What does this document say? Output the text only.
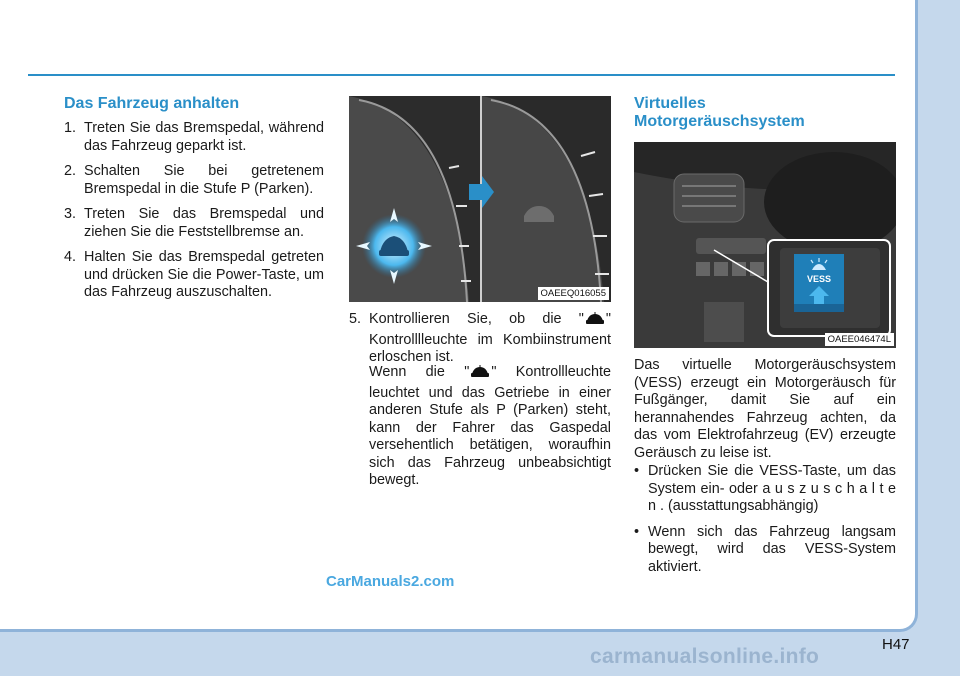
Das Fahrzeug anhalten
1. Treten Sie das Bremspedal, während das Fahrzeug geparkt ist.
2. Schalten Sie bei getretenem Bremspedal in die Stufe P (Parken).
3. Treten Sie das Bremspedal und ziehen Sie die Feststellbremse an.
4. Halten Sie das Bremspedal getreten und drücken Sie die Power-Taste, um das Fahrzeug auszuschalten.	OAEEQ016055
5. Kontrollieren Sie, ob die " " Kontrolllleuchte im Kombiinstrument erloschen ist.
Wenn die " " Kontrollleuchte leuchtet und das Getriebe in einer anderen Stufe als P (Parken) steht, kann der Fahrer das Gaspedal versehentlich betätigen, woraufhin sich das Fahrzeug unbeabsichtigt bewegt.
Virtuelles
Motorgeräuschsystem
VESS
OAEE046474L
Das virtuelle Motorgeräuschsystem (VESS) erzeugt ein Motorgeräusch für Fußgänger, damit Sie auf ein herannahendes Fahrzeug achten, da das vom Elektrofahrzeug (EV) erzeugte Geräusch zu leise ist.
• Drücken Sie die VESS-Taste, um das System ein- oder a u s z u s c h a l t e n . (ausstattungsabhängig)
• Wenn sich das Fahrzeug langsam bewegt, wird das VESS-System aktiviert.
CarManuals2.com
H47
carmanualsonline.info
